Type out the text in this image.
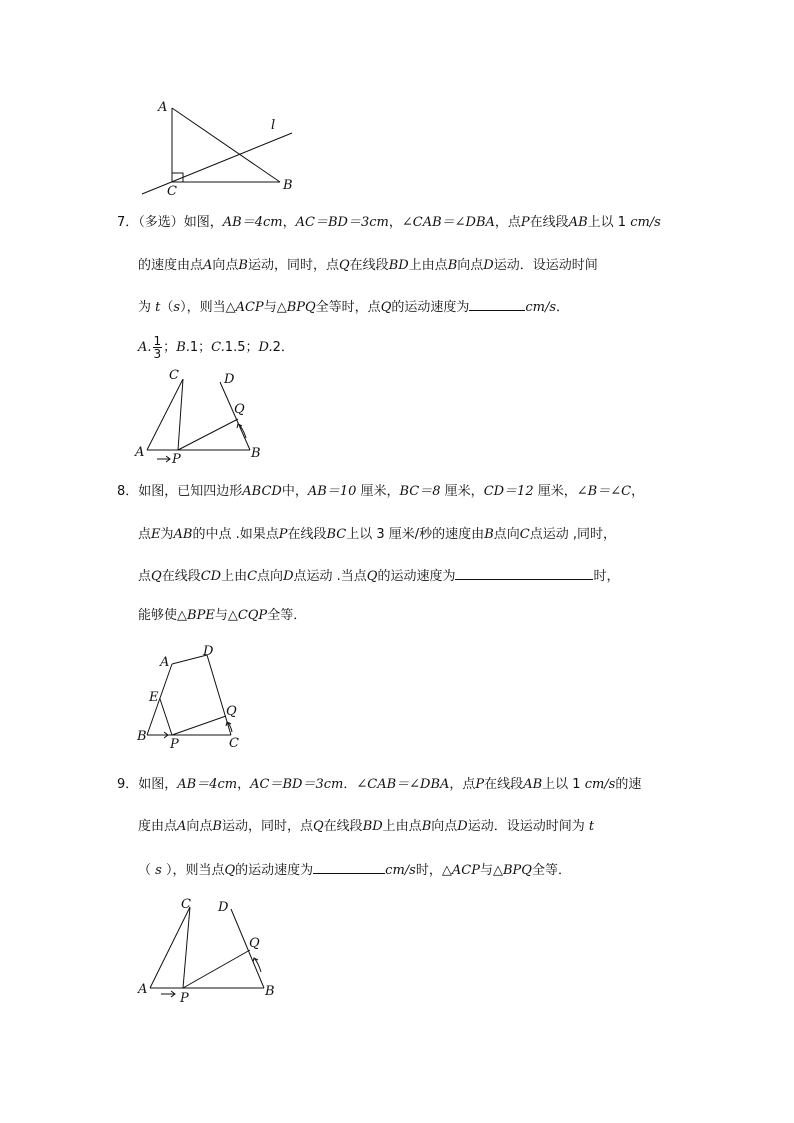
A
C	B
l
7．（多选）如图，AB＝4cm，AC＝BD＝3cm，∠CAB＝∠DBA，点P在线段AB上以 1 cm/s
的速度由点A向点B运动，同时，点Q在线段BD上由点B向点D运动．设运动时间
为 t（s），则当△ACP与△BPQ全等时，点Q的运动速度为	cm/s．
A. $\frac{1}{3}$ ；B.1；C.1.5；D.2．
C	D
Q
A P	B
8．如图，已知四边形ABCD中，AB＝10 厘米，BC＝8 厘米，CD＝12 厘米，∠B＝∠C，
点E为AB的中点 .如果点P在线段BC上以 3 厘米/秒的速度由B点向C点运动 ,同时，
点Q在线段CD上由C点向D点运动 .当点Q的运动速度为	时，
能够使△BPE与△CQP全等．
A
D
E
Q
B
P	C
9．如图，AB＝4cm，AC＝BD＝3cm．∠CAB＝∠DBA，点P在线段AB上以 1 cm/s的速
度由点A向点B运动，同时，点Q在线段BD上由点B向点D运动．设运动时间为 t
（ s ），则当点Q的运动速度为	cm/s时，△ACP与△BPQ全等．
C D
Q
A
P	B
